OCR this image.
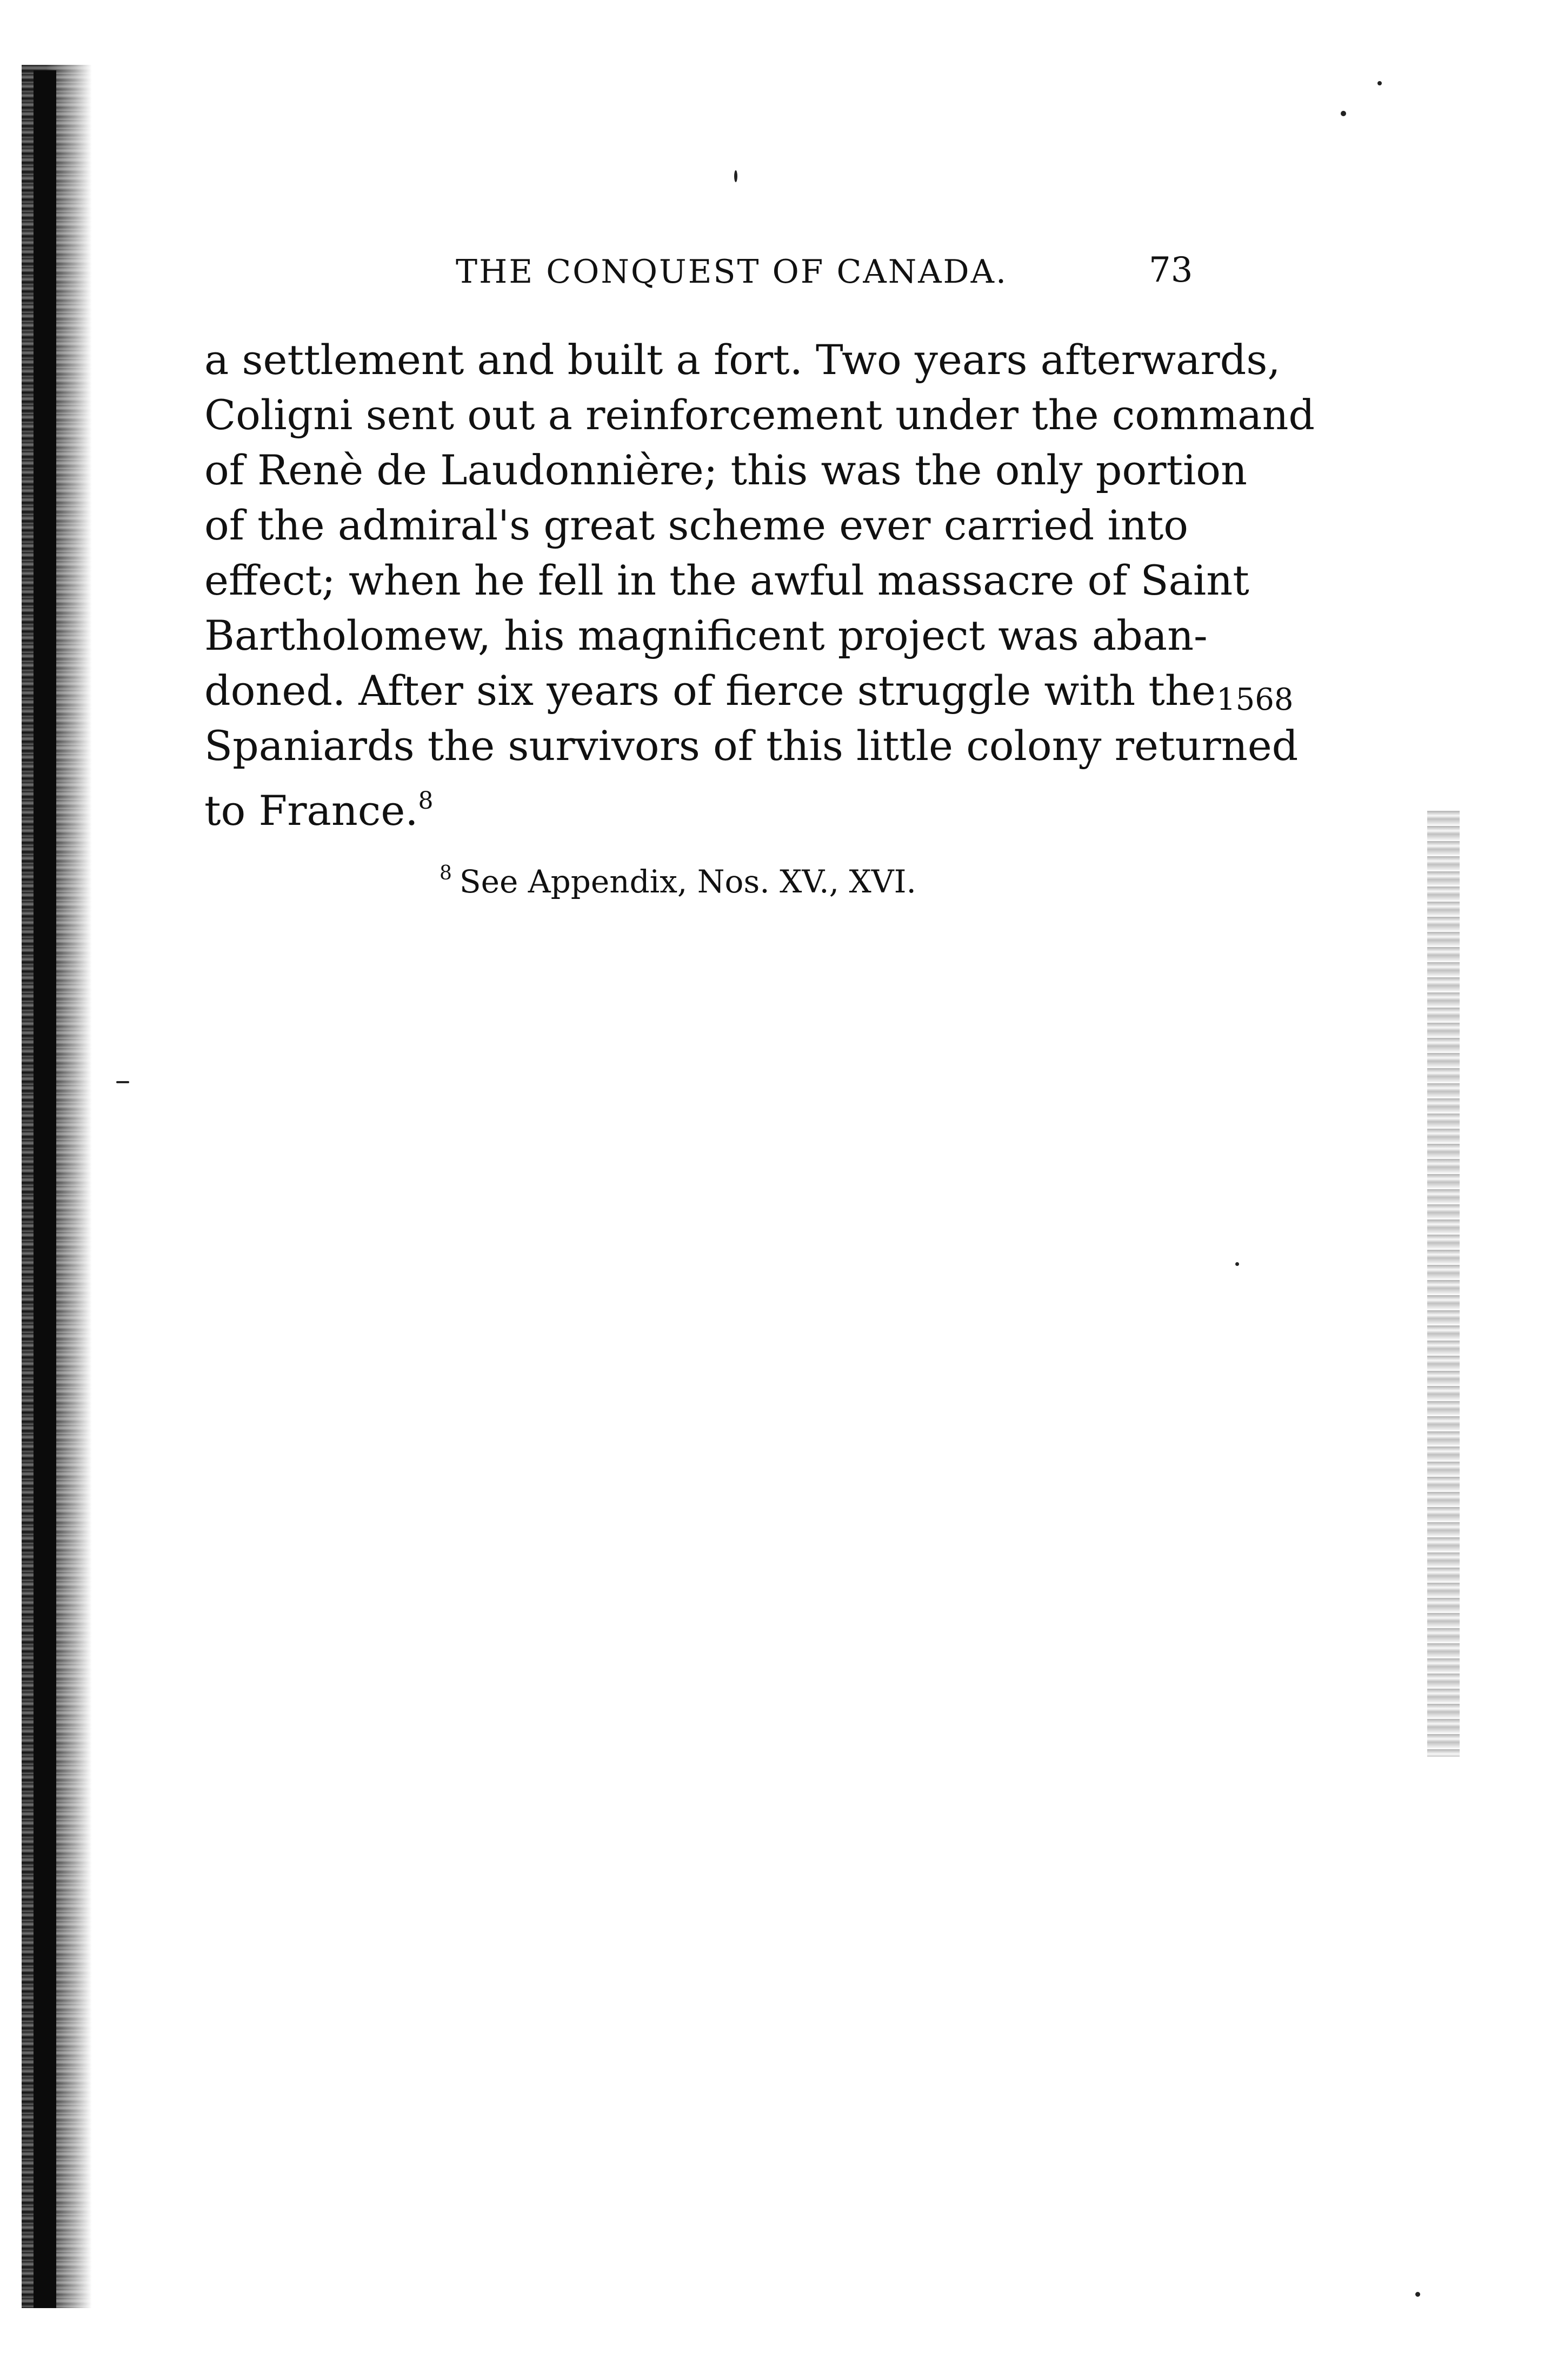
THE CONQUEST OF CANADA.	73
a settlement and built a fort. Two years afterwards,
Coligni sent out a reinforcement under the command
of Renè de Laudonnière; this was the only portion
of the admiral's great scheme ever carried into
effect; when he fell in the awful massacre of Saint
Bartholomew, his magnificent project was aban-
doned. After six years of fierce struggle with the
Spaniards the survivors of this little colony returned
to France.$^8$
1568
$^8$ See Appendix, Nos. XV., XVI.
